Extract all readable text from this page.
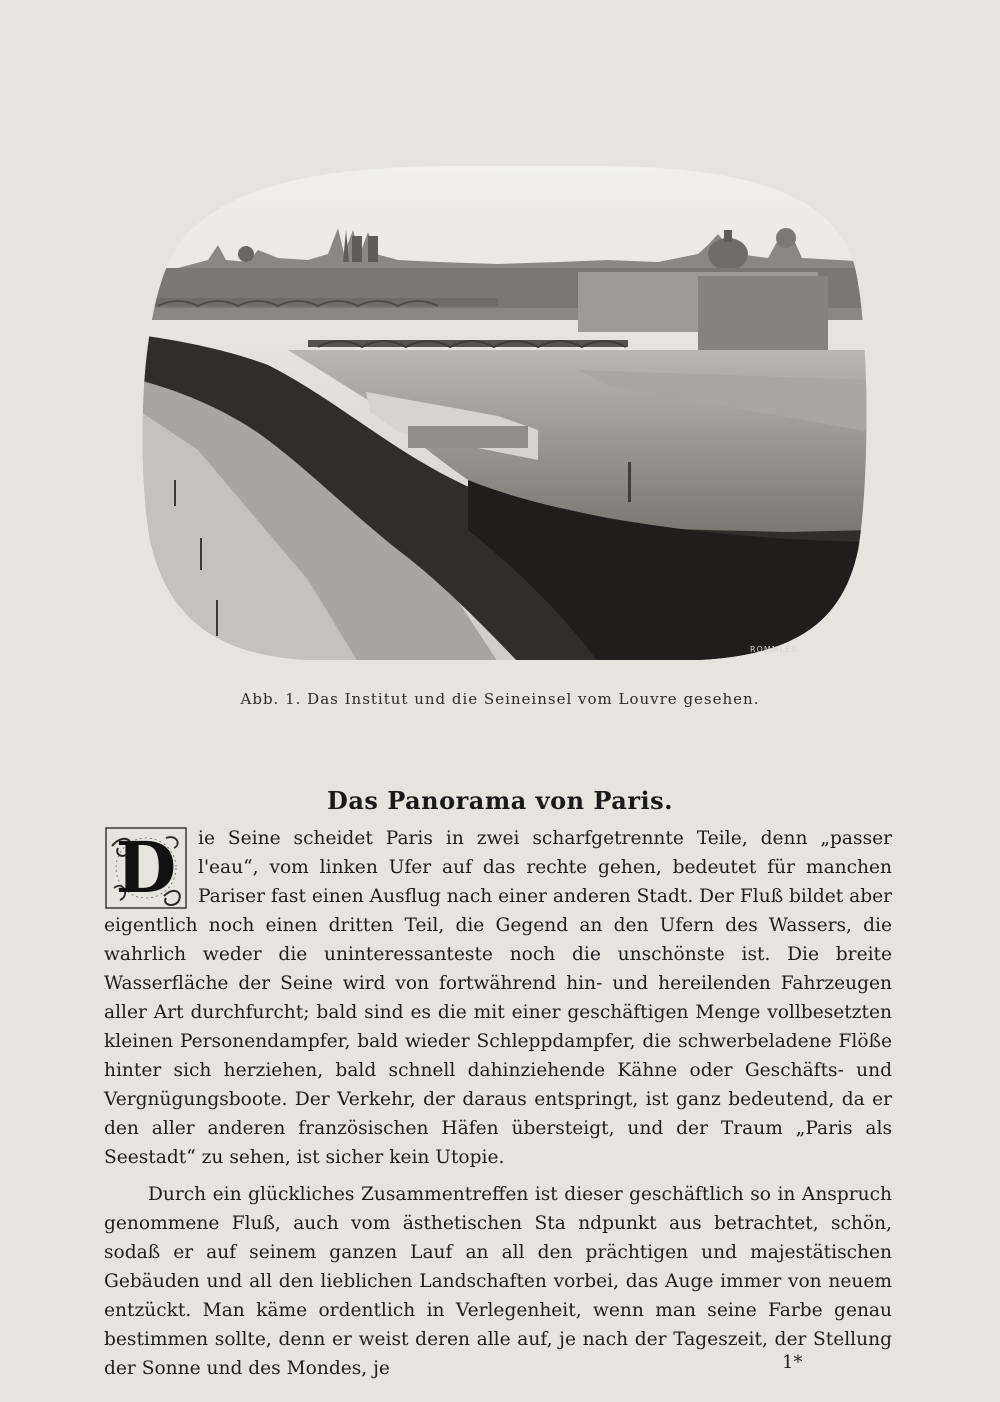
ROMMLER
Abb. 1. Das Institut und die Seineinsel vom Louvre gesehen.
Das Panorama von Paris.

D	ie Seine scheidet Paris in zwei scharfgetrennte Teile, denn „passer l'eau“, vom linken Ufer auf das rechte gehen, bedeutet für manchen Pariser fast einen Ausflug nach einer anderen Stadt. Der Fluß bildet aber eigentlich noch einen dritten Teil, die Gegend an den Ufern des Wassers, die wahrlich weder die uninteressanteste noch die unschönste ist. Die breite Wasserfläche der Seine wird von fortwährend hin- und hereilenden Fahrzeugen aller Art durchfurcht; bald sind es die mit einer geschäftigen Menge vollbesetzten kleinen Personendampfer, bald wieder Schleppdampfer, die schwerbeladene Flöße hinter sich herziehen, bald schnell dahinziehende Kähne oder Geschäfts- und Vergnügungsboote. Der Verkehr, der daraus entspringt, ist ganz bedeutend, da er den aller anderen französischen Häfen übersteigt, und der Traum „Paris als Seestadt“ zu sehen, ist sicher kein Utopie.

Durch ein glückliches Zusammentreffen ist dieser geschäftlich so in Anspruch genommene Fluß, auch vom ästhetischen Sta ndpunkt aus betrachtet, schön, sodaß er auf seinem ganzen Lauf an all den prächtigen und majestätischen Gebäuden und all den lieblichen Landschaften vorbei, das Auge immer von neuem entzückt. Man käme ordentlich in Verlegenheit, wenn man seine Farbe genau bestimmen sollte, denn er weist deren alle auf, je nach der Tageszeit, der Stellung der Sonne und des Mondes, je	1*
